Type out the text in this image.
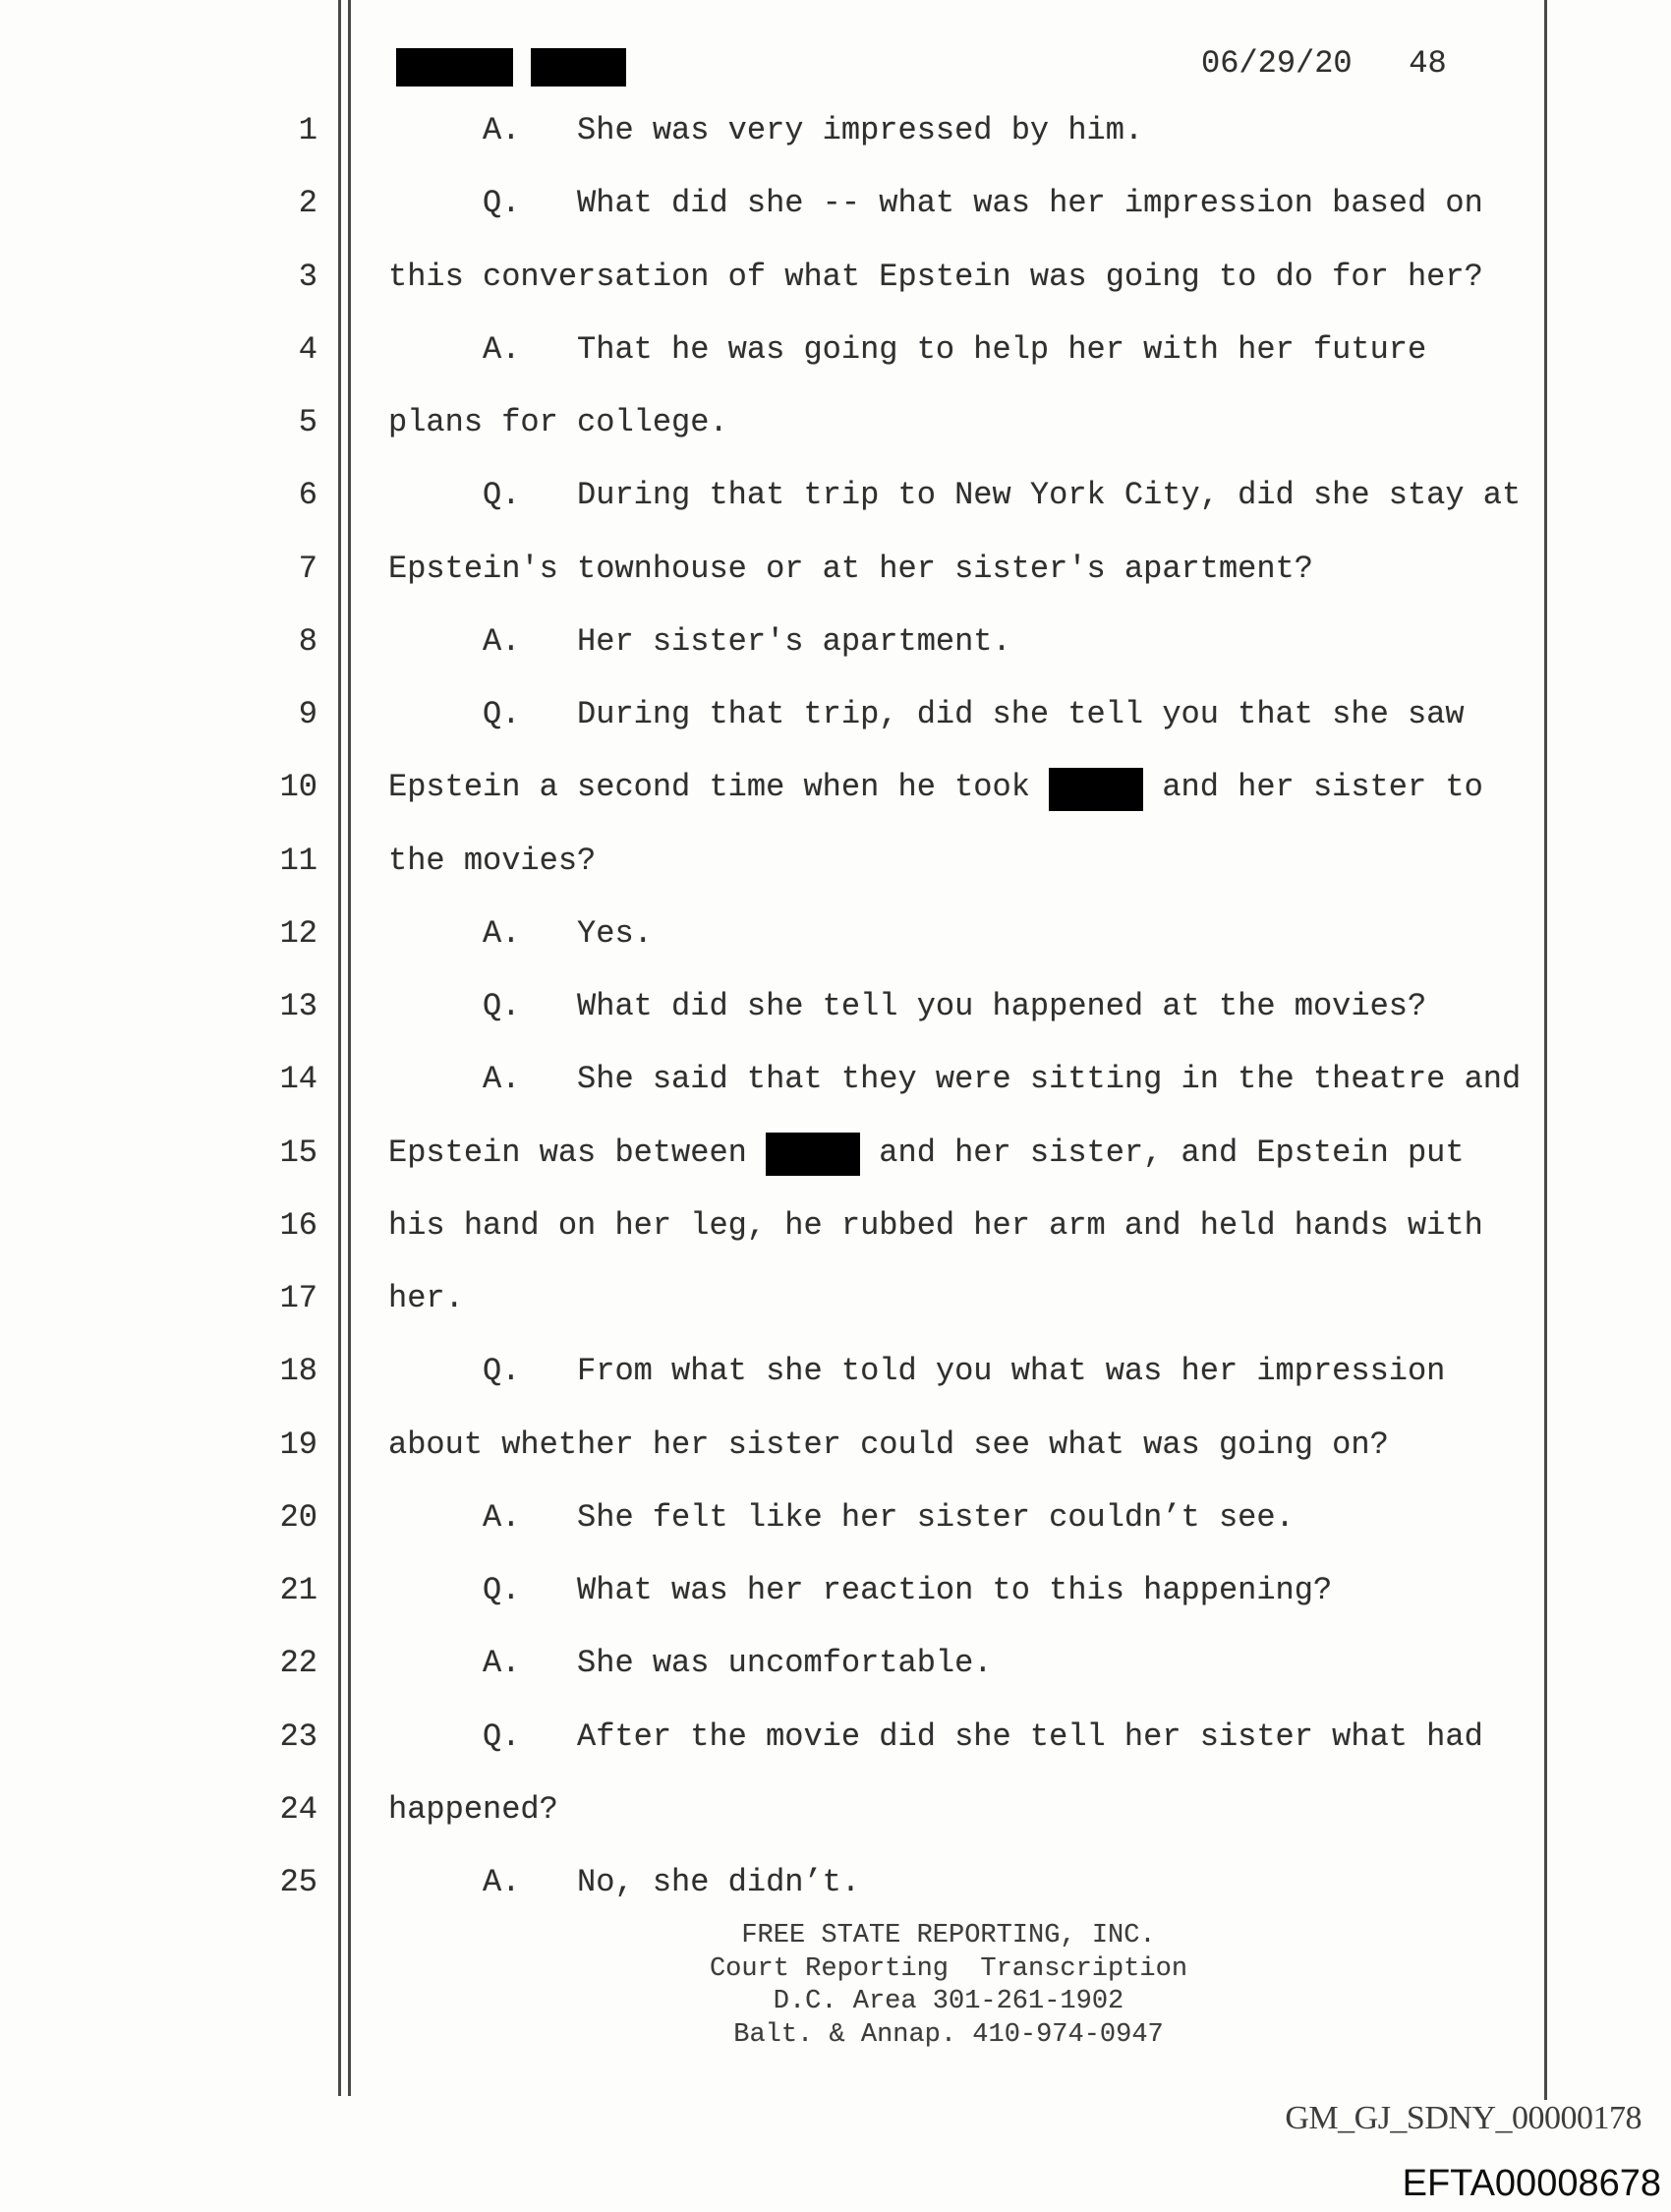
06/29/20 48
1 A.   She was very impressed by him.
2 Q.   What did she -- what was her impression based on
3 this conversation of what Epstein was going to do for her?
4 A.   That he was going to help her with her future
5 plans for college.
6 Q.   During that trip to New York City, did she stay at
7 Epstein's townhouse or at her sister's apartment?
8 A.   Her sister's apartment.
9 Q.   During that trip, did she tell you that she saw
10 Epstein a second time when he took	and her sister to
11 the movies?
12 A.   Yes.
13 Q.   What did she tell you happened at the movies?
14 A.   She said that they were sitting in the theatre and
15 Epstein was between	and her sister, and Epstein put
16 his hand on her leg, he rubbed her arm and held hands with
17 her.
18 Q.   From what she told you what was her impression
19 about whether her sister could see what was going on?
20 A.   She felt like her sister couldn’t see.
21 Q.   What was her reaction to this happening?
22 A.   She was uncomfortable.
23 Q.   After the movie did she tell her sister what had
24 happened?
25 A.   No, she didn’t.
FREE STATE REPORTING, INC.
Court Reporting  Transcription
D.C. Area 301-261-1902
Balt. & Annap. 410-974-0947
GM_GJ_SDNY_00000178
EFTA00008678
